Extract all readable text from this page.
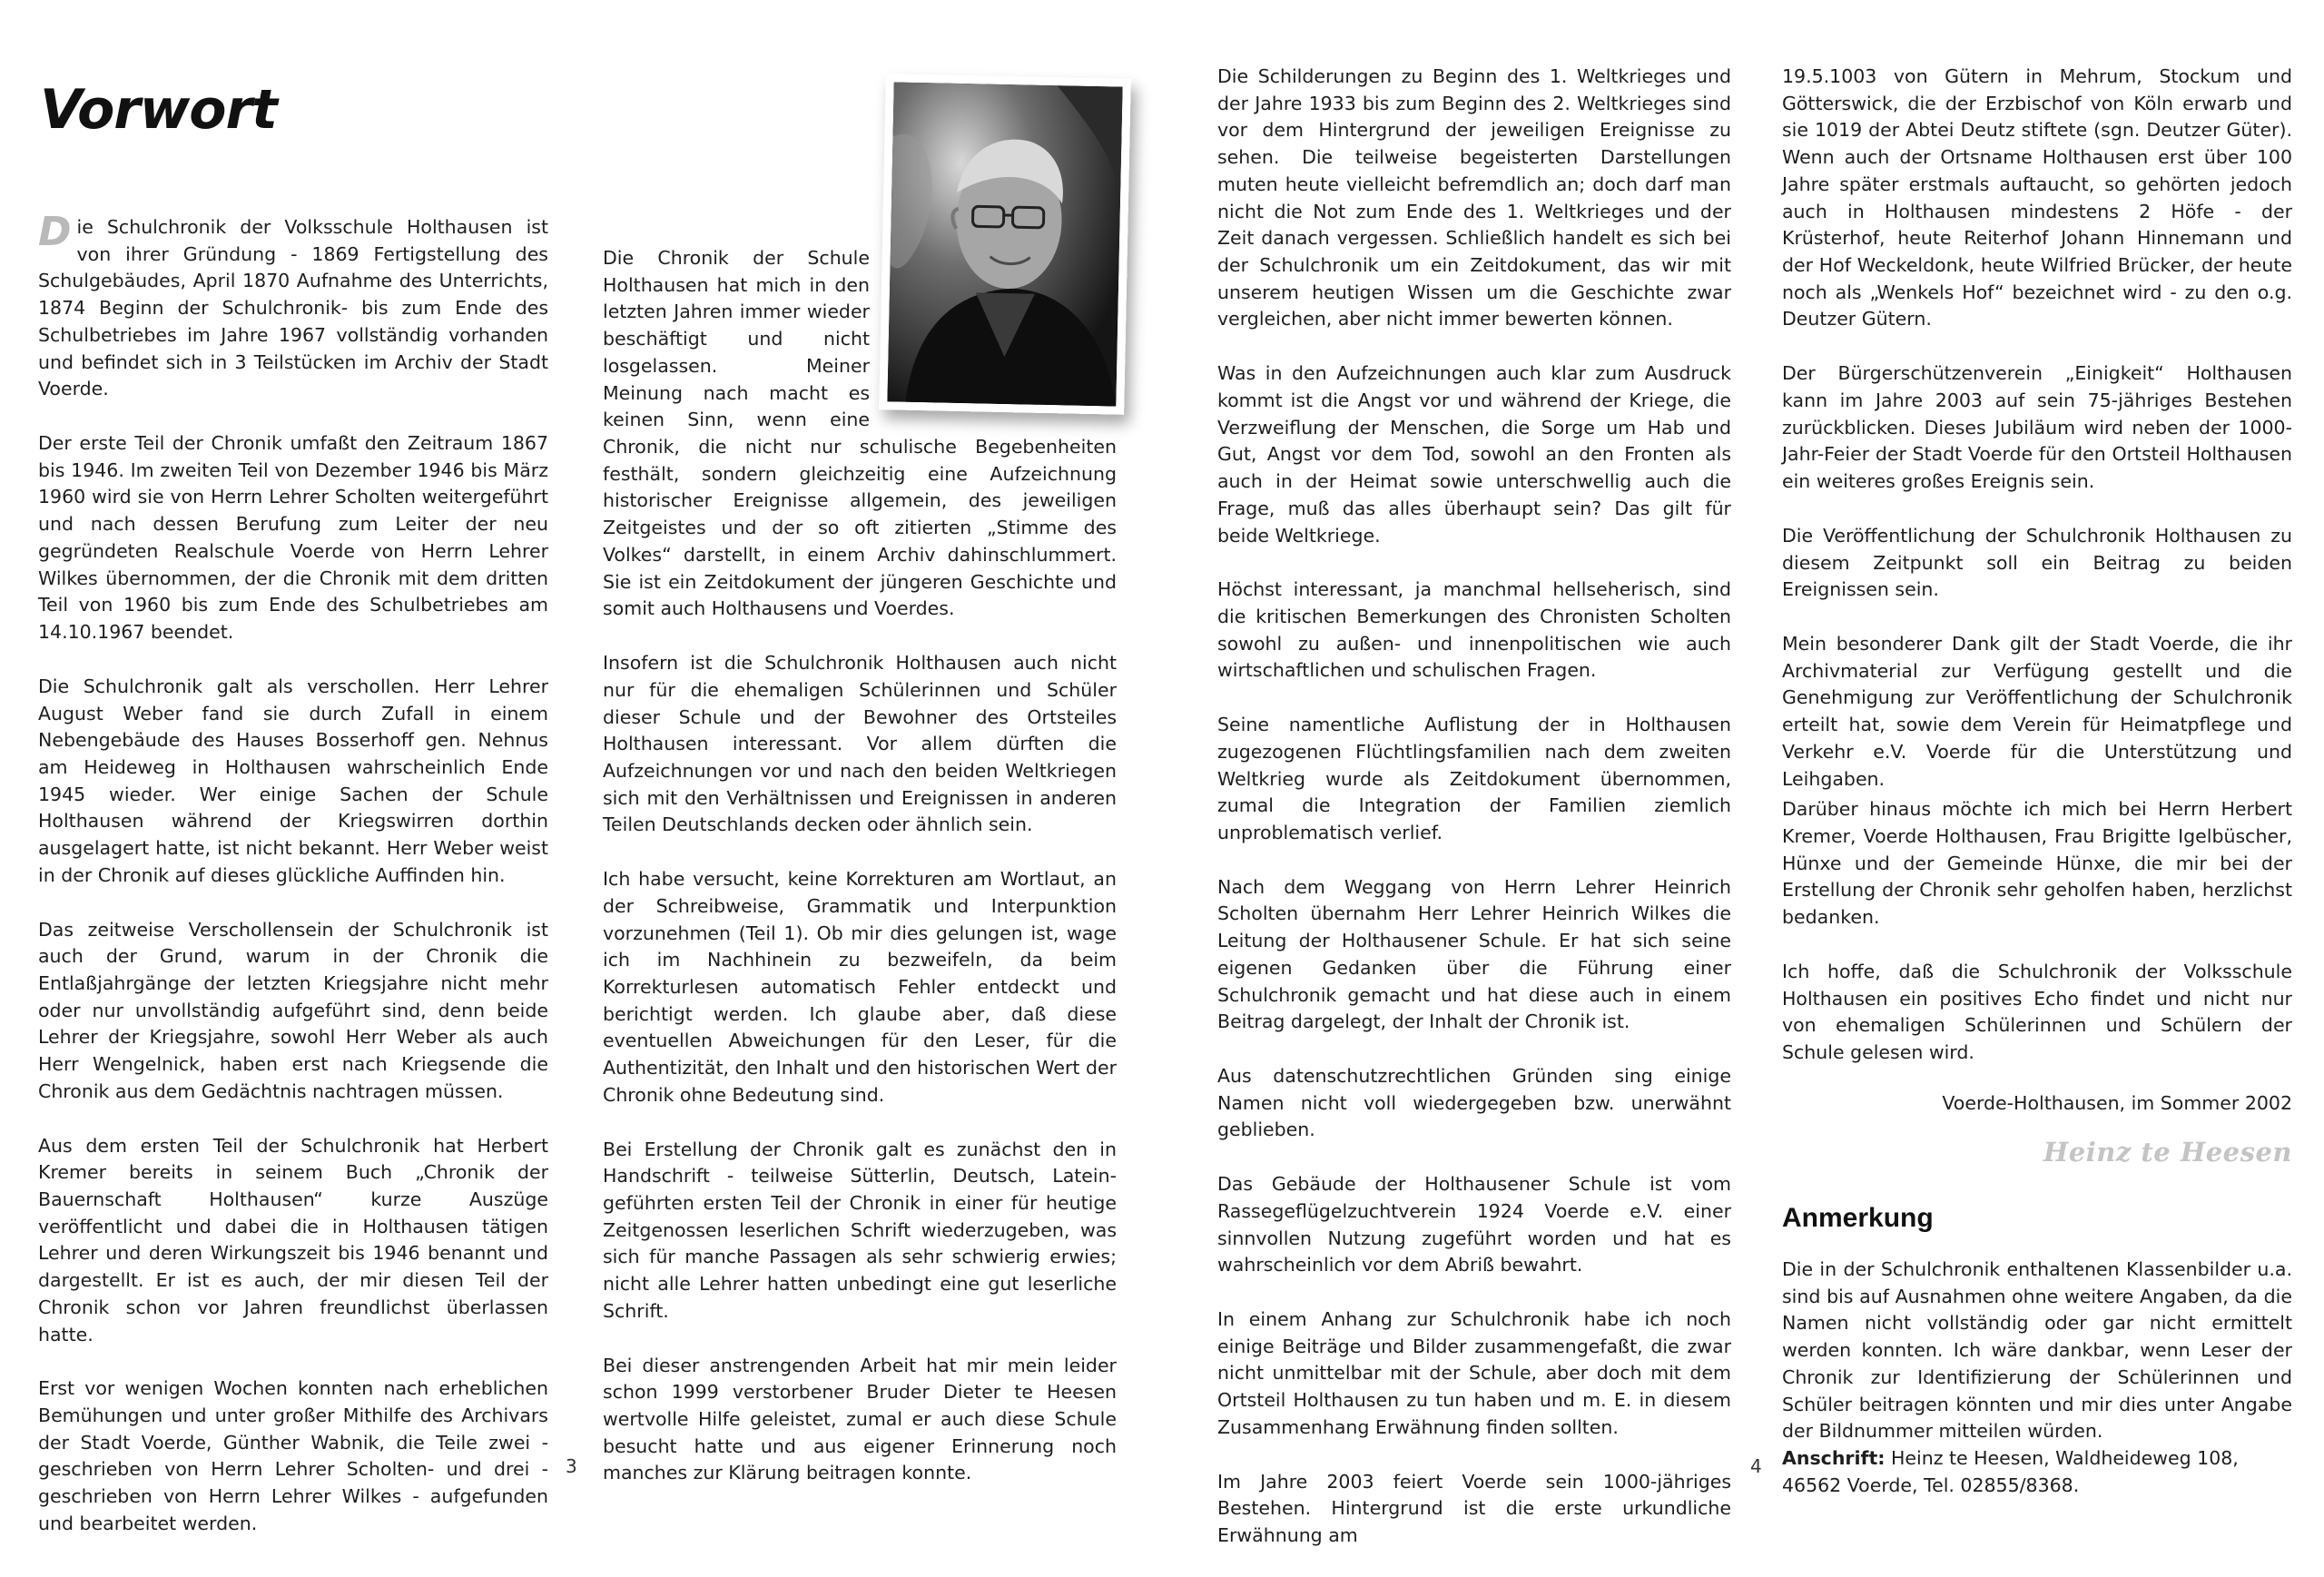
Vorwort

Die Schulchronik der Volksschule Holthausen ist von ihrer Gründung - 1869 Fertigstellung des Schulgebäudes, April 1870 Aufnahme des Unterrichts, 1874 Beginn der Schulchronik- bis zum Ende des Schulbetriebes im Jahre 1967 vollständig vorhanden und befindet sich in 3 Teilstücken im Archiv der Stadt Voerde.

Der erste Teil der Chronik umfaßt den Zeitraum 1867 bis 1946. Im zweiten Teil von Dezember 1946 bis März 1960 wird sie von Herrn Lehrer Scholten weitergeführt und nach dessen Berufung zum Leiter der neu gegründeten Realschule Voerde von Herrn Lehrer Wilkes übernommen, der die Chronik mit dem dritten Teil von 1960 bis zum Ende des Schulbetriebes am 14.10.1967 beendet.

Die Schulchronik galt als verschollen. Herr Lehrer August Weber fand sie durch Zufall in einem Nebengebäude des Hauses Bosserhoff gen. Nehnus am Heideweg in Holthausen wahrscheinlich Ende 1945 wieder. Wer einige Sachen der Schule Holthausen während der Kriegswirren dorthin ausgelagert hatte, ist nicht bekannt. Herr Weber weist in der Chronik auf dieses glückliche Auffinden hin.

Das zeitweise Verschollensein der Schulchronik ist auch der Grund, warum in der Chronik die Entlaßjahrgänge der letzten Kriegsjahre nicht mehr oder nur unvollständig aufgeführt sind, denn beide Lehrer der Kriegsjahre, sowohl Herr Weber als auch Herr Wengelnick, haben erst nach Kriegsende die Chronik aus dem Gedächtnis nachtragen müssen.

Aus dem ersten Teil der Schulchronik hat Herbert Kremer bereits in seinem Buch „Chronik der Bauernschaft Holthausen“ kurze Auszüge veröffentlicht und dabei die in Holthausen tätigen Lehrer und deren Wirkungszeit bis 1946 benannt und dargestellt. Er ist es auch, der mir diesen Teil der Chronik schon vor Jahren freundlichst überlassen hatte.

Erst vor wenigen Wochen konnten nach erheblichen Bemühungen und unter großer Mithilfe des Archivars der Stadt Voerde, Günther Wabnik, die Teile zwei - geschrieben von Herrn Lehrer Scholten- und drei - geschrieben von Herrn Lehrer Wilkes - aufgefunden und bearbeitet werden.

Die Chronik der Schule Holthausen hat mich in den letzten Jahren immer wieder beschäftigt und nicht losgelassen. Meiner Meinung nach macht es keinen Sinn, wenn eine Chronik, die nicht nur schulische Begebenheiten festhält, sondern gleichzeitig eine Aufzeichnung historischer Ereignisse allgemein, des jeweiligen Zeitgeistes und der so oft zitierten „Stimme des Volkes“ darstellt, in einem Archiv dahinschlummert. Sie ist ein Zeitdokument der jüngeren Geschichte und somit auch Holthausens und Voerdes.

Insofern ist die Schulchronik Holthausen auch nicht nur für die ehemaligen Schülerinnen und Schüler dieser Schule und der Bewohner des Ortsteiles Holthausen interessant. Vor allem dürften die Aufzeichnungen vor und nach den beiden Weltkriegen sich mit den Verhältnissen und Ereignissen in anderen Teilen Deutschlands decken oder ähnlich sein.

Ich habe versucht, keine Korrekturen am Wortlaut, an der Schreibweise, Grammatik und Interpunktion vorzunehmen (Teil 1). Ob mir dies gelungen ist, wage ich im Nachhinein zu bezweifeln, da beim Korrekturlesen automatisch Fehler entdeckt und berichtigt werden. Ich glaube aber, daß diese eventuellen Abweichungen für den Leser, für die Authentizität, den Inhalt und den historischen Wert der Chronik ohne Bedeutung sind.

Bei Erstellung der Chronik galt es zunächst den in Handschrift - teilweise Sütterlin, Deutsch, Latein- geführten ersten Teil der Chronik in einer für heutige Zeitgenossen leserlichen Schrift wiederzugeben, was sich für manche Passagen als sehr schwierig erwies; nicht alle Lehrer hatten unbedingt eine gut leserliche Schrift.

Bei dieser anstrengenden Arbeit hat mir mein leider schon 1999 verstorbener Bruder Dieter te Heesen wertvolle Hilfe geleistet, zumal er auch diese Schule besucht hatte und aus eigener Erinnerung noch manches zur Klärung beitragen konnte.

Die Schilderungen zu Beginn des 1. Weltkrieges und der Jahre 1933 bis zum Beginn des 2. Weltkrieges sind vor dem Hintergrund der jeweiligen Ereignisse zu sehen. Die teilweise begeisterten Darstellungen muten heute vielleicht befremdlich an; doch darf man nicht die Not zum Ende des 1. Weltkrieges und der Zeit danach vergessen. Schließlich handelt es sich bei der Schulchronik um ein Zeitdokument, das wir mit unserem heutigen Wissen um die Geschichte zwar vergleichen, aber nicht immer bewerten können.

Was in den Aufzeichnungen auch klar zum Ausdruck kommt ist die Angst vor und während der Kriege, die Verzweiflung der Menschen, die Sorge um Hab und Gut, Angst vor dem Tod, sowohl an den Fronten als auch in der Heimat sowie unterschwellig auch die Frage, muß das alles überhaupt sein? Das gilt für beide Weltkriege.

Höchst interessant, ja manchmal hellseherisch, sind die kritischen Bemerkungen des Chronisten Scholten sowohl zu außen- und innenpolitischen wie auch wirtschaftlichen und schulischen Fragen.

Seine namentliche Auflistung der in Holthausen zugezogenen Flüchtlingsfamilien nach dem zweiten Weltkrieg wurde als Zeitdokument übernommen, zumal die Integration der Familien ziemlich unproblematisch verlief.

Nach dem Weggang von Herrn Lehrer Heinrich Scholten übernahm Herr Lehrer Heinrich Wilkes die Leitung der Holthausener Schule. Er hat sich seine eigenen Gedanken über die Führung einer Schulchronik gemacht und hat diese auch in einem Beitrag dargelegt, der Inhalt der Chronik ist.

Aus datenschutzrechtlichen Gründen sing einige Namen nicht voll wiedergegeben bzw. unerwähnt geblieben.

Das Gebäude der Holthausener Schule ist vom Rassegeflügelzuchtverein 1924 Voerde e.V. einer sinnvollen Nutzung zugeführt worden und hat es wahrscheinlich vor dem Abriß bewahrt.

In einem Anhang zur Schulchronik habe ich noch einige Beiträge und Bilder zusammengefaßt, die zwar nicht unmittelbar mit der Schule, aber doch mit dem Ortsteil Holthausen zu tun haben und m. E. in diesem Zusammenhang Erwähnung finden sollten.

Im Jahre 2003 feiert Voerde sein 1000-jähriges Bestehen. Hintergrund ist die erste urkundliche Erwähnung am

19.5.1003 von Gütern in Mehrum, Stockum und Götterswick, die der Erzbischof von Köln erwarb und sie 1019 der Abtei Deutz stiftete (sgn. Deutzer Güter). Wenn auch der Ortsname Holthausen erst über 100 Jahre später erstmals auftaucht, so gehörten jedoch auch in Holthausen mindestens 2 Höfe - der Krüsterhof, heute Reiterhof Johann Hinnemann und der Hof Weckeldonk, heute Wilfried Brücker, der heute noch als „Wenkels Hof“ bezeichnet wird - zu den o.g. Deutzer Gütern.

Der Bürgerschützenverein „Einigkeit“ Holthausen kann im Jahre 2003 auf sein 75-jähriges Bestehen zurückblicken. Dieses Jubiläum wird neben der 1000-Jahr-Feier der Stadt Voerde für den Ortsteil Holthausen ein weiteres großes Ereignis sein.

Die Veröffentlichung der Schulchronik Holthausen zu diesem Zeitpunkt soll ein Beitrag zu beiden Ereignissen sein.

Mein besonderer Dank gilt der Stadt Voerde, die ihr Archivmaterial zur Verfügung gestellt und die Genehmigung zur Veröffentlichung der Schulchronik erteilt hat, sowie dem Verein für Heimatpflege und Verkehr e.V. Voerde für die Unterstützung und Leihgaben.

Darüber hinaus möchte ich mich bei Herrn Herbert Kremer, Voerde Holthausen, Frau Brigitte Igelbüscher, Hünxe und der Gemeinde Hünxe, die mir bei der Erstellung der Chronik sehr geholfen haben, herzlichst bedanken.

Ich hoffe, daß die Schulchronik der Volksschule Holthausen ein positives Echo findet und nicht nur von ehemaligen Schülerinnen und Schülern der Schule gelesen wird.

Voerde-Holthausen, im Sommer 2002

Heinz te Heesen

Anmerkung

Die in der Schulchronik enthaltenen Klassenbilder u.a. sind bis auf Ausnahmen ohne weitere Angaben, da die Namen nicht vollständig oder gar nicht ermittelt werden konnten. Ich wäre dankbar, wenn Leser der Chronik zur Identifizierung der Schülerinnen und Schüler beitragen könnten und mir dies unter Angabe der Bildnummer mitteilen würden.

Anschrift: Heinz te Heesen, Waldheideweg 108,

46562 Voerde, Tel. 02855/8368.

3	4
